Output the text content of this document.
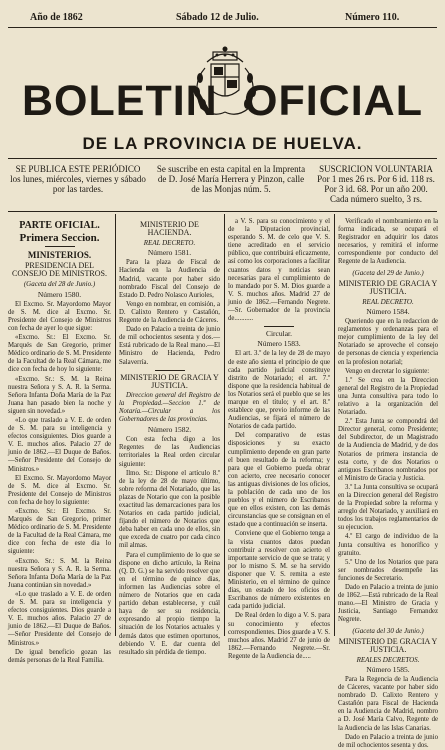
Año de 1862	Sábado 12 de Julio.	Número 110.
BOLETIN OFICIAL
DE LA PROVINCIA DE HUELVA.

SE PUBLICA ESTE PERIÓDICO

los lunes, miércoles, viernes y sábado

por las tardes.

Se suscribe en esta capital en la Imprenta

de D. José María Herrera y Pinzon, calle

de las Monjas núm. 5.

SUSCRICION VOLUNTARIA

Por 1 mes 26 rs. Por 6 id. 118 rs.

Por 3 id. 68. Por un año 200.

Cada número suelto, 3 rs.

PARTE OFICIAL.
Primera Seccion.
MINISTERIOS.
PRESIDENCIA DEL CONSEJO DE MINISTROS.
(Gaceta del 28 de Junio.)
Número 1580.

El Excmo. Sr. Mayordomo Mayor de S. M. dice al Excmo. Sr. Presidente del Consejo de Ministros con fecha de ayer lo que sigue:

«Excmo. Sr.: El Excmo. Sr. Marqués de San Gregorio, primer Médico ordinario de S. M. Presidente de la Facultad de la Real Cámara, me dice con fecha de hoy lo siguiente:

«Excmo. Sr.: S. M. la Reina nuestra Señora y S. A. R. la Serma. Señora Infanta Doña María de la Paz Juana han pasado bien la noche y siguen sin novedad.»

«Lo que traslado a V. E. de orden de S. M. para su inteligencia y efectos consiguientes. Dios guarde a V. E. muchos años. Palacio 27 de junio de 1862.—El Duque de Baños.—Señor Presidente del Consejo de Ministros.»

El Excmo. Sr. Mayordomo Mayor de S. M. dice al Excmo. Sr. Presidente del Consejo de Ministros con fecha de hoy lo siguiente:

«Excmo. Sr.: El Excmo. Sr. Marqués de San Gregorio, primer Médico ordinario de S. M. Presidente de la Facultad de la Real Cámara, me dice con fecha de este dia lo siguiente:

«Excmo. Sr.: S. M. la Reina nuestra Señora y S. A. R. la Serma. Señora Infanta Doña María de la Paz Juana continúan sin novedad.»

«Lo que traslado a V. E. de orden de S. M. para su inteligencia y efectos consiguientes. Dios guarde a V. E. muchos años. Palacio 27 de junio de 1862.—El Duque de Baños.—Señor Presidente del Consejo de Ministros.»

De igual beneficio gozan las demás personas de la Real Familia.

MINISTERIO DE HACIENDA.
REAL DECRETO.
Número 1581.

Para la plaza de Fiscal de Hacienda en la Audiencia de Madrid, vacante por haber sido nombrado Fiscal del Consejo de Estado D. Pedro Nolasco Aurioles,

Vengo en nombrar, en comisión, a D. Calixto Rentero y Castañón, Regente de la Audiencia de Cáceres.

Dado en Palacio a treinta de junio de mil ochocientos sesenta y dos.—Está rubricado de la Real mano.—El Ministro de Hacienda, Pedro Salaverría.

MINISTERIO DE GRACIA Y JUSTICIA.

Direccion general del Registro de la Propiedad.—Seccion 1.ª de Notaría.—Circular a los Gobernadores de las provincias.

Número 1582.

Con esta fecha digo a los Regentes de las Audiencias territoriales la Real orden circular siguiente:

Ilmo. Sr.: Dispone el artículo 8.º de la ley de 28 de mayo último, sobre reforma del Notariado, que las plazas de Notario que con la posible exactitud las demarcaciones para los Notarios en cada partido judicial, fijando el número de Notarios que deba haber en cada uno de ellos, sin que exceda de cuatro por cada cinco mil almas.

Para el cumplimiento de lo que se dispone en dicho artículo, la Reina (Q. D. G.) se ha servido resolver que en el término de quince dias, informen las Audiencias sobre el número de Notarios que en cada partido deban establecerse, y cuál haya de ser su residencia, expresando al propio tiempo la situación de los Notarios actuales y demás datos que estimen oportunos, debiendo V. E. dar cuenta del resultado sin pérdida de tiempo.

a V. S. para su conocimiento y el de la Diputacion provincial, esperando S. M. de celo que V. S. tiene acreditado en el servicio público, que contribuirá eficazmente, así como los corporaciones a facilitar cuantos datos y noticias sean necesarias para el cumplimiento de lo mandado por S. M. Dios guarde a V. S. muchos años. Madrid 27 de junio de 1862.—Fernando Negrete.—Sr. Gobernador de la provincia de...........

Circular.
Número 1583.

El art. 3.º de la ley de 28 de mayo de este año sienta el principio de que cada partido judicial constituye distrito de Notariado; el art. 7.º dispone que la residencia habitual de los Notarios será el pueblo que se les marque en el título; y el art. 8.º establece que, previo informe de las Audiencias, se fijará el número de Notarios de cada partido.

Del comparativo de estas disposiciones y su exacto cumplimiento depende en gran parte el buen resultado de la reforma; y para que el Gobierno pueda obrar con acierto, cree necesario conocer las antiguas divisiones de los oficios, la población de cada uno de los pueblos y el número de Escribanos que en ellos existen, con las demás circunstancias que se consignan en el estado que a continuación se inserta.

Conviene que el Gobierno tenga a la vista cuantos datos puedan contribuir a resolver con acierto el importante servicio de que se trata; y por lo mismo S. M. se ha servido disponer que V. S. remita a este Ministerio, en el término de quince dias, un estado de los oficios de Escribanos de número existentes en cada partido judicial.

De Real órden lo digo a V. S. para su conocimiento y efectos correspondientes. Dios guarde a V. S. muchos años. Madrid 27 de junio de 1862.—Fernando Negrete.—Sr. Regente de la Audiencia de.....

Verificado el nombramiento en la forma indicada, se ocupará el Registrador en adquirir los datos necesarios, y remitirá el informe correspondiente por conducto del Regente de la Audiencia.

(Gaceta del 29 de Junio.)
MINISTERIO DE GRACIA Y JUSTICIA.
REAL DECRETO.
Número 1584.

Queriendo que en la redaccion de reglamentos y ordenanzas para el mejor cumplimiento de la ley del Notariado se aproveche el consejo de personas de ciencia y experiencia en la profesion notarial;

Vengo en decretar lo siguiente:

1.º Se crea en la Direccion general del Registro de la Propiedad una Junta consultiva para todo lo relativo a la organización del Notariado.

2.º Esta Junta se compondrá del Director general, como Presidente; del Subdirector, de un Magistrado de la Audiencia de Madrid, y de dos Notarios de primera instancia de esta corte, y de dos Notarios o antiguos Escribanos nombrados por el Ministro de Gracia y Justicia.

3.º La Junta consultiva se ocupará en la Direccion general del Registro de la Propiedad sobre la reforma y arreglo del Notariado, y auxiliará en todos los trabajos reglamentarios de su ejecucion.

4.º El cargo de individuo de la Junta consultiva es honorífico y gratuito.

5.º Uno de los Notarios que para ser nombrados desempeñe las funciones de Secretario.

Dado en Palacio a treinta de junio de 1862.—Está rubricado de la Real mano.—El Ministro de Gracia y Justicia, Santiago Fernandez Negrete.

(Gaceta del 30 de Junio.)
MINISTERIO DE GRACIA Y JUSTICIA.
REALES DECRETOS.
Número 1585.

Para la Regencia de la Audiencia de Cáceres, vacante por haber sido nombrado D. Calixto Rentero y Castañón para Fiscal de Hacienda en la Audiencia de Madrid, nombro a D. José María Calvo, Regente de la Audiencia de las Islas Canarias.

Dado en Palacio a treinta de junio de mil ochocientos sesenta y dos.
